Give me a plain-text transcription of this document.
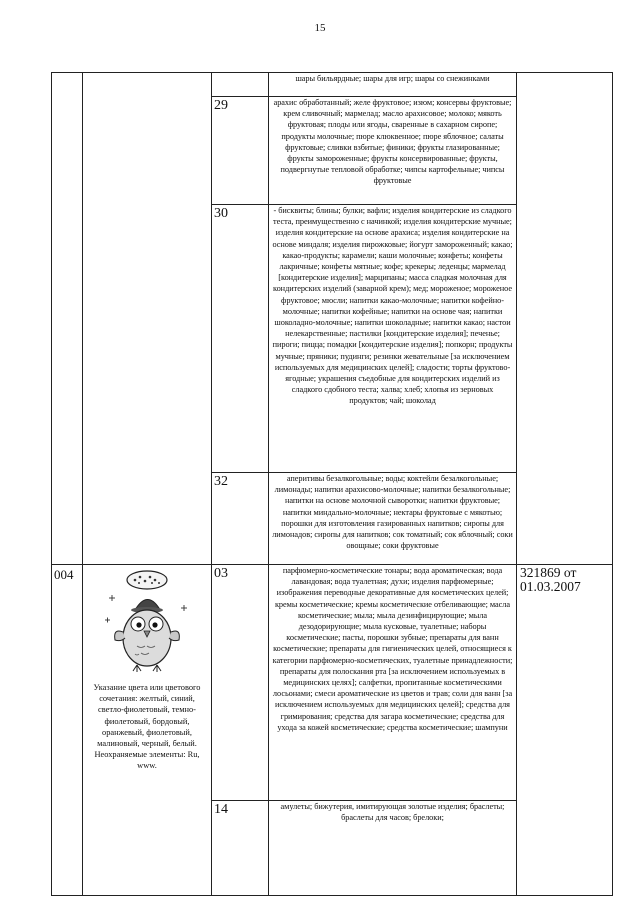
15
			шары бильярдные; шары для игр; шары со снежинками	
		29	арахис обработанный; желе фруктовое; изюм; консервы фруктовые; крем сливочный; мармелад; масло арахисовое; молоко; мякоть фруктовая; плоды или ягоды, сваренные в сахарном сиропе; продукты молочные; пюре клюквенное; пюре яблочное; салаты фруктовые; сливки взбитые; финики; фрукты глазированные; фрукты замороженные; фрукты консервированные; фрукты, подвергнутые тепловой обработке; чипсы картофельные; чипсы фруктовые	
		30	- бисквиты; блины; булки; вафли; изделия кондитерские из сладкого теста, преимущественно с начинкой; изделия кондитерские мучные; изделия кондитерские на основе арахиса; изделия кондитерские на основе миндаля; изделия пирожковые; йогурт замороженный; какао; какао-продукты; карамели; каши молочные; конфеты; конфеты лакричные; конфеты мятные; кофе; крекеры; леденцы; мармелад [кондитерские изделия]; марципаны; масса сладкая молочная для кондитерских изделий (заварной крем); мед; мороженое; мороженое фруктовое; мюсли; напитки какао-молочные; напитки кофейно-молочные; напитки кофейные; напитки на основе чая; напитки шоколадно-молочные; напитки шоколадные; напитки какао; настои нелекарственные; пастилки [кондитерские изделия]; печенье; пироги; пицца; помадки [кондитерские изделия]; попкорн; продукты мучные; пряники; пудинги; резинки жевательные [за исключением используемых для медицинских целей]; сладости; торты фруктово-ягодные; украшения съедобные для кондитерских изделий из сладкого сдобного теста; халва; хлеб; хлопья из зерновых продуктов; чай; шоколад	
		32	аперитивы безалкогольные; воды; коктейли безалкогольные; лимонады; напитки арахисово-молочные; напитки безалкогольные; напитки на основе молочной сыворотки; напитки фруктовые; напитки миндально-молочные; нектары фруктовые с мякотью; порошки для изготовления газированных напитков; сиропы для лимонадов; сиропы для напитков; сок томатный; сок яблочный; соки овощные; соки фруктовые	
004	Указание цвета или цветового сочетания: желтый, синий, светло-фиолетовый, темно-фиолетовый, бордовый, оранжевый, фиолетовый, малиновый, черный, белый. Неохраняемые элементы: Ru, www.	03	парфюмерно-косметические тонары; вода ароматическая; вода лавандовая; вода туалетная; духи; изделия парфюмерные; изображения переводные декоративные для косметических целей; кремы косметические; кремы косметические отбеливающие; масла косметические; мыла; мыла дезинфицирующие; мыла дезодорирующие; мыла кусковые, туалетные; наборы косметические; пасты, порошки зубные; препараты для ванн косметические; препараты для гигиенических целей, относящиеся к категории парфюмерно-косметических, туалетные принадлежности; препараты для полоскания рта [за исключением используемых в медицинских целях]; салфетки, пропитанные косметическими лосьонами; смеси ароматические из цветов и трав; соли для ванн [за исключением используемых для медицинских целей]; средства для гримирования; средства для загара косметические; средства для ухода за кожей косметические; средства косметические; шампуни	321869 от 01.03.2007
		14	амулеты; бижутерия, имитирующая золотые изделия; браслеты; браслеты для часов; брелоки;	
